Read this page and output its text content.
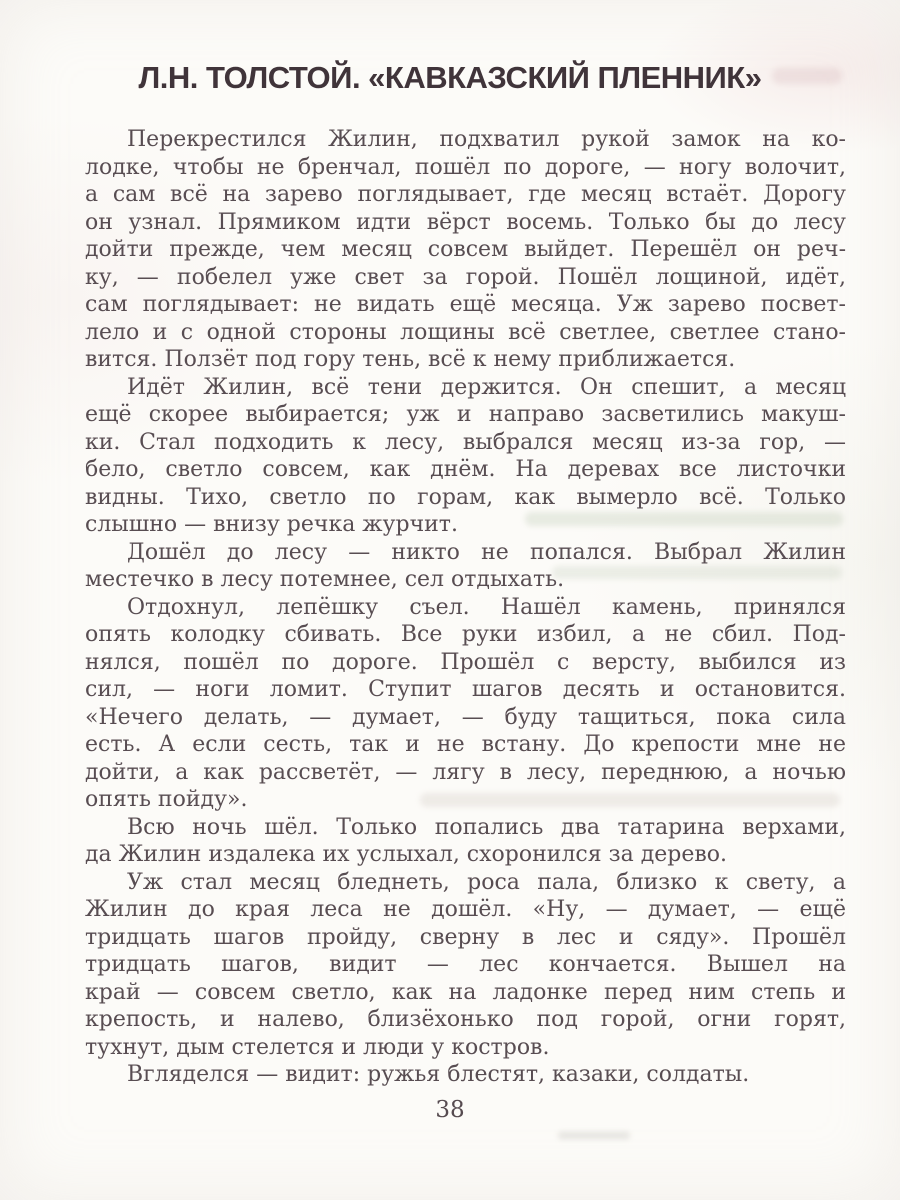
Л.Н. ТОЛСТОЙ. «КАВКАЗСКИЙ ПЛЕННИК»
Перекрестился Жилин, подхватил рукой замок на ко-
лодке, чтобы не бренчал, пошёл по дороге, — ногу волочит,
а сам всё на зарево поглядывает, где месяц встаёт. Дорогу
он узнал. Прямиком идти вёрст восемь. Только бы до лесу
дойти прежде, чем месяц совсем выйдет. Перешёл он реч-
ку, — побелел уже свет за горой. Пошёл лощиной, идёт,
сам поглядывает: не видать ещё месяца. Уж зарево посвет-
лело и с одной стороны лощины всё светлее, светлее стано-
вится. Ползёт под гору тень, всё к нему приближается.
Идёт Жилин, всё тени держится. Он спешит, а месяц
ещё скорее выбирается; уж и направо засветились макуш-
ки. Стал подходить к лесу, выбрался месяц из-за гор, —
бело, светло совсем, как днём. На деревах все листочки
видны. Тихо, светло по горам, как вымерло всё. Только
слышно — внизу речка журчит.
Дошёл до лесу — никто не попался. Выбрал Жилин
местечко в лесу потемнее, сел отдыхать.
Отдохнул, лепёшку съел. Нашёл камень, принялся
опять колодку сбивать. Все руки избил, а не сбил. Под-
нялся, пошёл по дороге. Прошёл с версту, выбился из
сил, — ноги ломит. Ступит шагов десять и остановится.
«Нечего делать, — думает, — буду тащиться, пока сила
есть. А если сесть, так и не встану. До крепости мне не
дойти, а как рассветёт, — лягу в лесу, переднюю, а ночью
опять пойду».
Всю ночь шёл. Только попались два татарина верхами,
да Жилин издалека их услыхал, схоронился за дерево.
Уж стал месяц бледнеть, роса пала, близко к свету, а
Жилин до края леса не дошёл. «Ну, — думает, — ещё
тридцать шагов пройду, сверну в лес и сяду». Прошёл
тридцать шагов, видит — лес кончается. Вышел на
край — совсем светло, как на ладонке перед ним степь и
крепость, и налево, близёхонько под горой, огни горят,
тухнут, дым стелется и люди у костров.
Вгляделся — видит: ружья блестят, казаки, солдаты.
38
